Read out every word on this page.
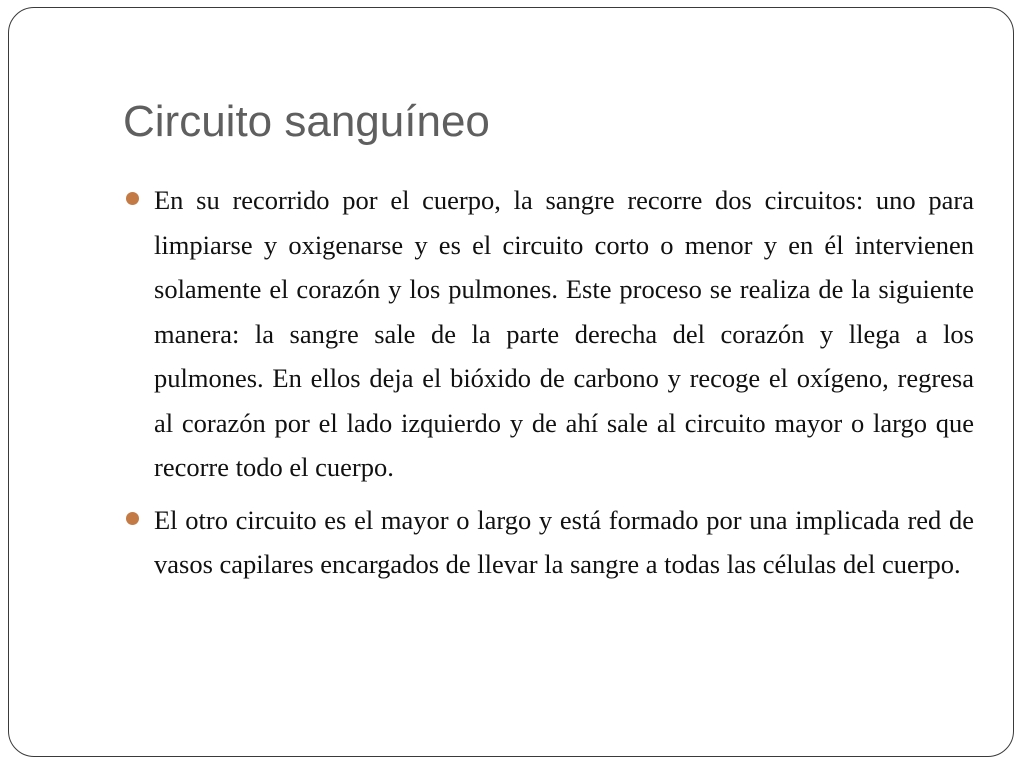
Circuito sanguíneo
En su recorrido por el cuerpo, la sangre recorre dos circuitos: uno para limpiarse y oxigenarse y es el circuito corto o menor y en él intervienen solamente el corazón y los pulmones. Este proceso se realiza de la siguiente manera: la sangre sale de la parte derecha del corazón y llega a los pulmones. En ellos deja el bióxido de carbono y recoge el oxígeno, regresa al corazón por el lado izquierdo y de ahí sale al circuito mayor o largo que recorre todo el cuerpo.
El otro circuito es el mayor o largo y está formado por una implicada red de vasos capilares encargados de llevar la sangre a todas las células del cuerpo.
